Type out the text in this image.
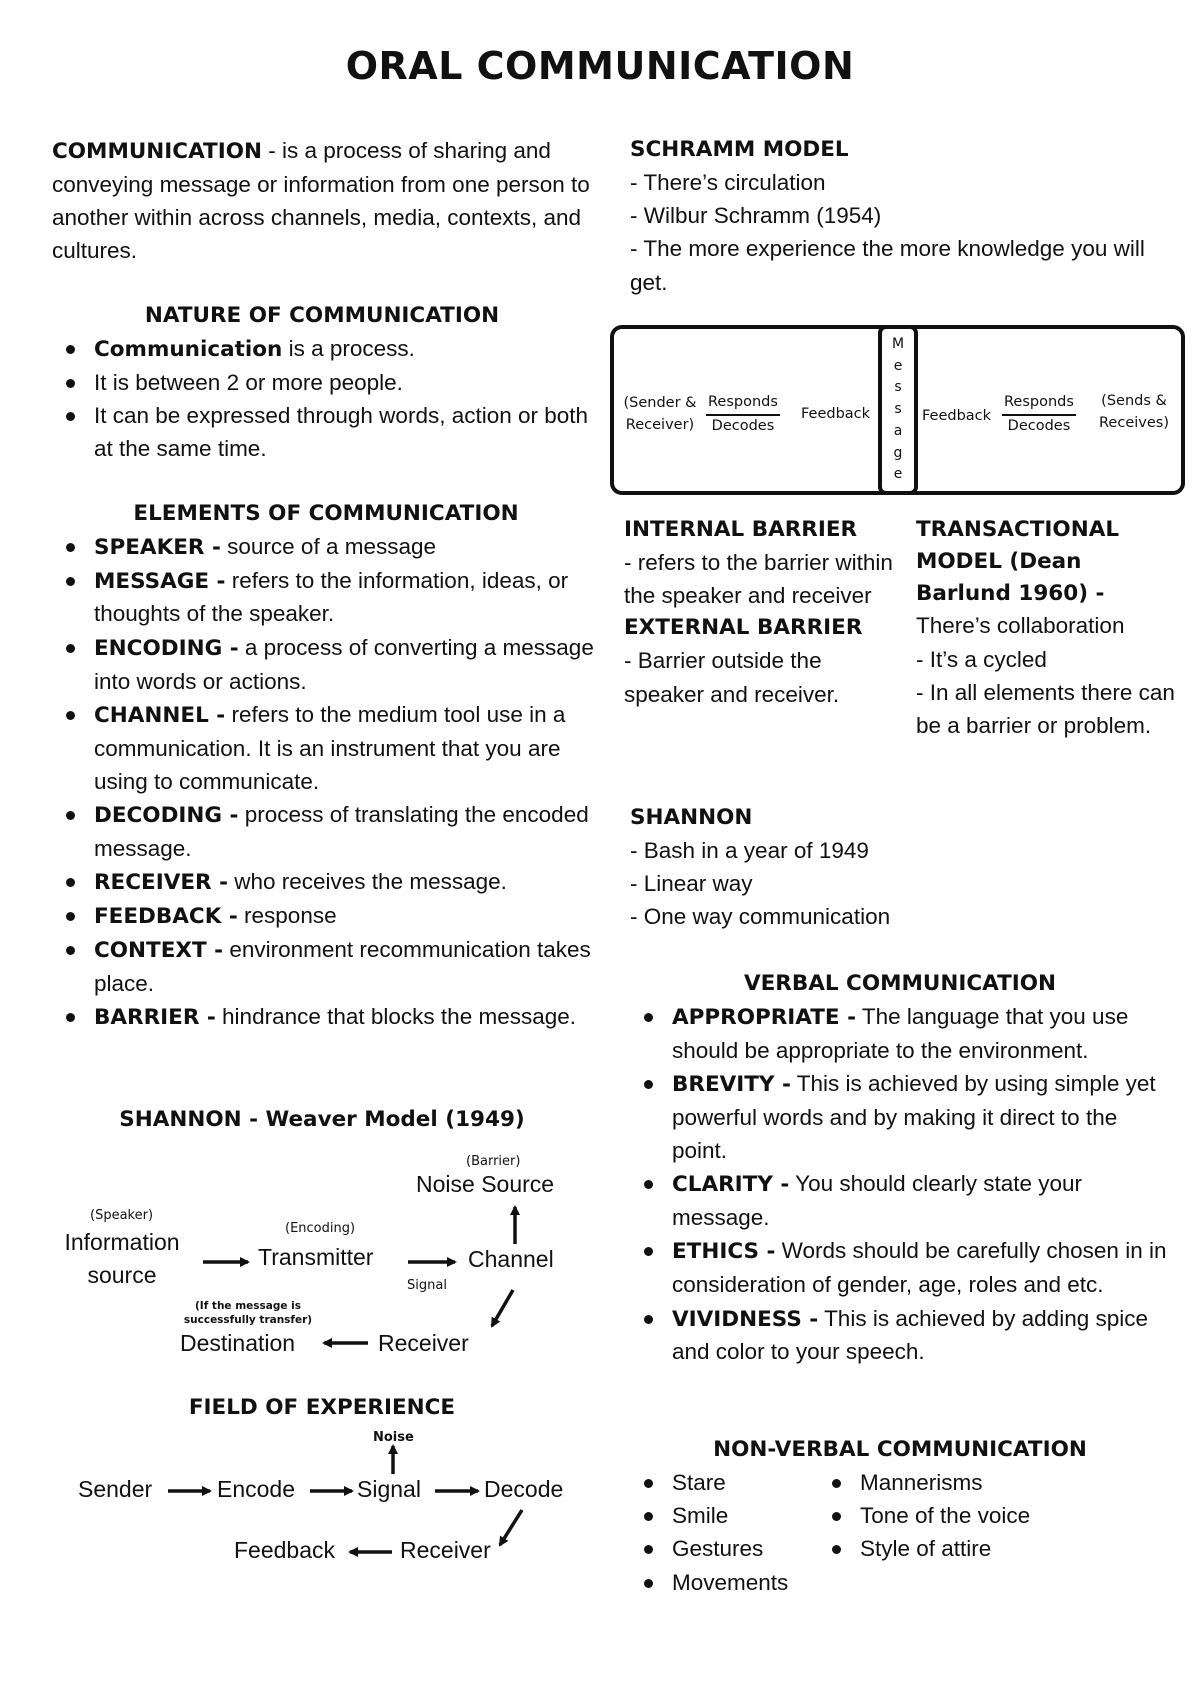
ORAL COMMUNICATION

COMMUNICATION - is a process of sharing and conveying message or information from one person to another within across channels, media, contexts, and cultures.

NATURE OF COMMUNICATION
Communication is a process.
It is between 2 or more people.
It can be expressed through words, action or both at the same time.
ELEMENTS OF COMMUNICATION
SPEAKER - source of a message
MESSAGE - refers to the information, ideas, or thoughts of the speaker.
ENCODING - a process of converting a message into words or actions.
CHANNEL - refers to the medium tool use in a communication. It is an instrument that you are using to communicate.
DECODING - process of translating the encoded message.
RECEIVER - who receives the message.
FEEDBACK - response
CONTEXT - environment recommunication takes place.
BARRIER - hindrance that blocks the message.
SHANNON - Weaver Model (1949)
(Barrier)
Noise Source
(Speaker)
Information source
(Encoding)
Transmitter
Signal
Channel
(If the message is successfully transfer)
Destination	Receiver
FIELD OF EXPERIENCE
Noise
Sender	Encode	Signal	Decode
Feedback	Receiver
SCHRAMM MODEL

- There’s circulation

- Wilbur Schramm (1954)

- The more experience the more knowledge you will get.

(Sender & Receiver)
Responds
Decodes
Feedback
M
e
s
s
a
g
e
Feedback
Responds
Decodes
(Sends & Receives)
INTERNAL BARRIER

- refers to the barrier within the speaker and receiver

EXTERNAL BARRIER

- Barrier outside the speaker and receiver.

TRANSACTIONAL MODEL (Dean Barlund 1960) -

There’s collaboration

- It’s a cycled

- In all elements there can be a barrier or problem.

SHANNON

- Bash in a year of 1949

- Linear way

- One way communication

VERBAL COMMUNICATION
APPROPRIATE - The language that you use should be appropriate to the environment.
BREVITY - This is achieved by using simple yet powerful words and by making it direct to the point.
CLARITY - You should clearly state your message.
ETHICS - Words should be carefully chosen in in consideration of gender, age, roles and etc.
VIVIDNESS - This is achieved by adding spice and color to your speech.
NON-VERBAL COMMUNICATION
Stare
Smile
Gestures
Movements
Mannerisms
Tone of the voice
Style of attire
